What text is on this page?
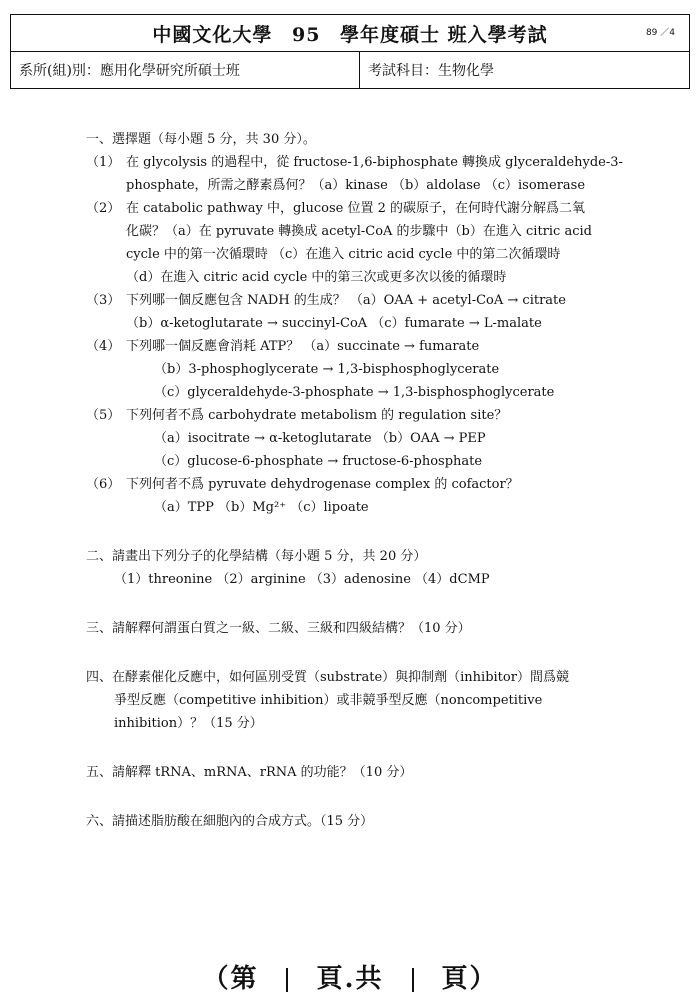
中國文化大學 95 學年度碩士 班入學考試	89 ／4

系所(組)別：應用化學研究所碩士班	考試科目：生物化學

一、選擇題（每小題 5 分，共 30 分）。

（1） 在 glycolysis 的過程中，從 fructose-1,6-biphosphate 轉換成 glyceraldehyde-3-
phosphate，所需之酵素爲何？（a）kinase （b）aldolase （c）isomerase
（2） 在 catabolic pathway 中，glucose 位置 2 的碳原子，在何時代謝分解爲二氧
化碳？（a）在 pyruvate 轉換成 acetyl-CoA 的步驟中（b）在進入 citric acid
cycle 中的第一次循環時 （c）在進入 citric acid cycle 中的第二次循環時
（d）在進入 citric acid cycle 中的第三次或更多次以後的循環時
（3） 下列哪一個反應包含 NADH 的生成？ （a）OAA + acetyl-CoA → citrate
（b）α-ketoglutarate → succinyl-CoA （c）fumarate → L-malate
（4） 下列哪一個反應會消耗 ATP？ （a）succinate → fumarate
（b）3-phosphoglycerate → 1,3-bisphosphoglycerate
（c）glyceraldehyde-3-phosphate → 1,3-bisphosphoglycerate
（5） 下列何者不爲 carbohydrate metabolism 的 regulation site？
（a）isocitrate → α-ketoglutarate （b）OAA → PEP
（c）glucose-6-phosphate → fructose-6-phosphate
（6） 下列何者不爲 pyruvate dehydrogenase complex 的 cofactor？
（a）TPP （b）Mg²⁺ （c）lipoate
二、請畫出下列分子的化學結構（每小題 5 分，共 20 分）
（1）threonine （2）arginine （3）adenosine （4）dCMP
三、請解釋何謂蛋白質之一級、二級、三級和四級結構？（10 分）
四、在酵素催化反應中，如何區別受質（substrate）與抑制劑（inhibitor）間爲競
爭型反應（competitive inhibition）或非競爭型反應（noncompetitive
inhibition）？（15 分）
五、請解釋 tRNA、mRNA、rRNA 的功能？（10 分）
六、請描述脂肪酸在細胞內的合成方式。（15 分）
（第 頁.共 頁）
